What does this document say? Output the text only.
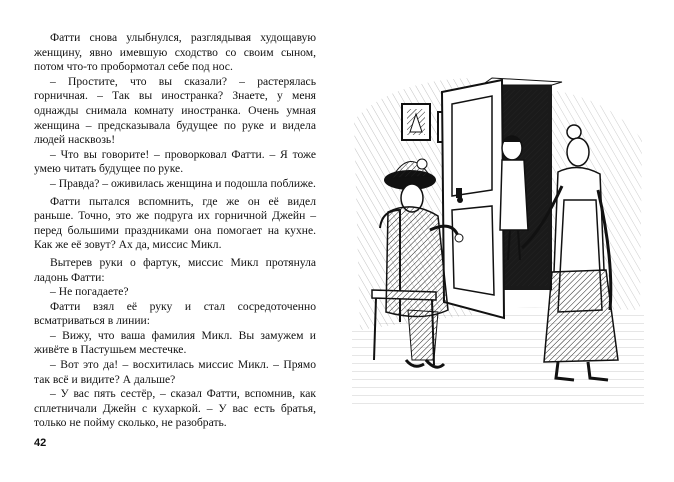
Фатти снова улыбнулся, разглядывая худощавую женщину, явно имевшую сходство со своим сыном, потом что-то пробормотал себе под нос.

– Простите, что вы сказали? – растерялась горничная. – Так вы иностранка? Знаете, у меня однажды снимала комнату иностранка. Очень умная женщина – предсказывала будущее по руке и видела людей насквозь!

– Что вы говорите! – проворковал Фатти. – Я тоже умею читать будущее по руке.

– Правда? – оживилась женщина и подошла поближе.

Фатти пытался вспомнить, где же он её видел раньше. Точно, это же подруга их горничной Джейн – перед большими праздниками она помогает на кухне. Как же её зовут? Ах да, миссис Микл.

Вытерев руки о фартук, миссис Микл протянула ладонь Фатти:

– Не погадаете?

Фатти взял её руку и стал сосредоточенно всматриваться в линии:

– Вижу, что ваша фамилия Микл. Вы замужем и живёте в Пастушьем местечке.

– Вот это да! – восхитилась миссис Микл. – Прямо так всё и видите? А дальше?

– У вас пять сестёр, – сказал Фатти, вспомнив, как сплетничали Джейн с кухаркой. – У вас есть братья, только не пойму сколько, не разобрать.

42
